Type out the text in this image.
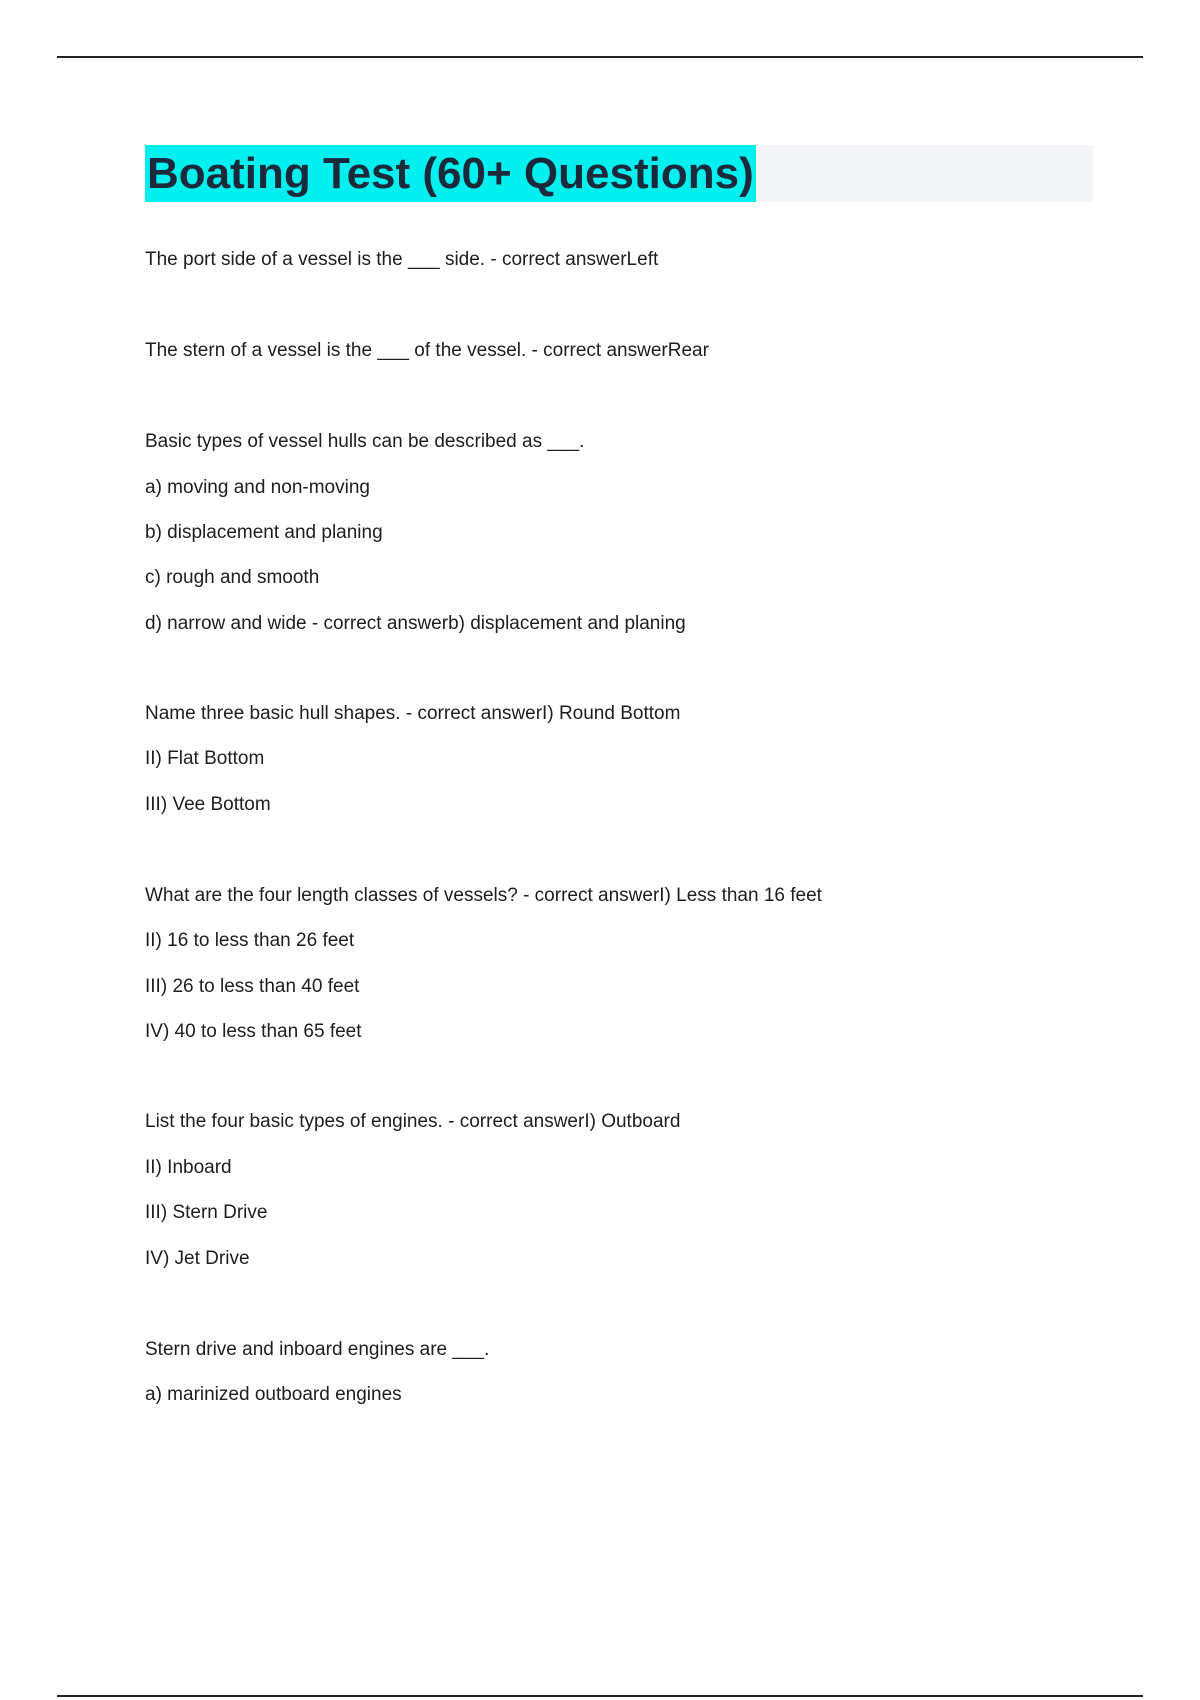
Boating Test (60+ Questions)
The port side of a vessel is the ___ side. - correct answerLeft
The stern of a vessel is the ___ of the vessel. - correct answerRear
Basic types of vessel hulls can be described as ___.
a) moving and non-moving
b) displacement and planing
c) rough and smooth
d) narrow and wide - correct answerb) displacement and planing
Name three basic hull shapes. - correct answerI) Round Bottom
II) Flat Bottom
III) Vee Bottom
What are the four length classes of vessels? - correct answerI) Less than 16 feet
II) 16 to less than 26 feet
III) 26 to less than 40 feet
IV) 40 to less than 65 feet
List the four basic types of engines. - correct answerI) Outboard
II) Inboard
III) Stern Drive
IV) Jet Drive
Stern drive and inboard engines are ___.
a) marinized outboard engines
